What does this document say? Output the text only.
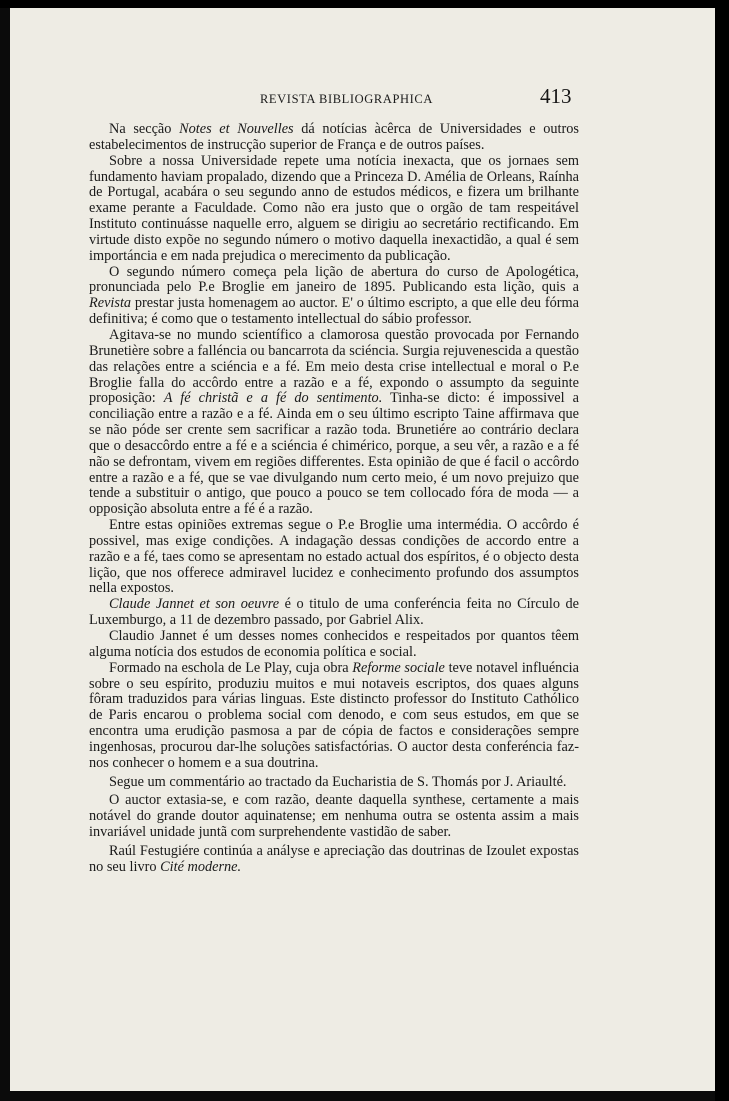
REVISTA BIBLIOGRAPHICA	413

Na secção Notes et Nouvelles dá notícias àcêrca de Universidades e outros estabelecimentos de instrucção superior de França e de outros países.

Sobre a nossa Universidade repete uma notícia inexacta, que os jornaes sem fundamento haviam propalado, dizendo que a Princeza D. Amélia de Orleans, Raínha de Portugal, acabára o seu segundo anno de estudos médicos, e fizera um brilhante exame perante a Faculdade. Como não era justo que o orgão de tam respeitável Instituto continuásse naquelle erro, alguem se dirigiu ao secretário rectificando. Em virtude disto expõe no segundo número o motivo daquella inexactidão, a qual é sem importáncia e em nada prejudica o merecimento da publicação.

O segundo número começa pela lição de abertura do curso de Apologética, pronunciada pelo P.e Broglie em janeiro de 1895. Publicando esta lição, quis a Revista prestar justa homenagem ao auctor. E' o último escripto, a que elle deu fórma definitiva; é como que o testamento intellectual do sábio professor.

Agitava-se no mundo scientífico a clamorosa questão provocada por Fernando Brunetière sobre a falléncia ou bancarrota da sciéncia. Surgia rejuvenescida a questão das relações entre a sciéncia e a fé. Em meio desta crise intellectual e moral o P.e Broglie falla do accôrdo entre a razão e a fé, expondo o assumpto da seguinte proposição: A fé christã e a fé do sentimento. Tinha-se dicto: é impossivel a conciliação entre a razão e a fé. Ainda em o seu último escripto Taine affirmava que se não póde ser crente sem sacrificar a razão toda. Brunetiére ao contrário declara que o desaccôrdo entre a fé e a sciéncia é chimérico, porque, a seu vêr, a razão e a fé não se defrontam, vivem em regiões differentes. Esta opinião de que é facil o accôrdo entre a razão e a fé, que se vae divulgando num certo meio, é um novo prejuizo que tende a substituir o antigo, que pouco a pouco se tem collocado fóra de moda — a opposição absoluta entre a fé é a razão.

Entre estas opiniões extremas segue o P.e Broglie uma intermédia. O accôrdo é possivel, mas exige condições. A indagação dessas condições de accordo entre a razão e a fé, taes como se apresentam no estado actual dos espíritos, é o objecto desta lição, que nos offerece admiravel lucidez e conhecimento profundo dos assumptos nella expostos.

Claude Jannet et son oeuvre é o titulo de uma conferéncia feita no Círculo de Luxemburgo, a 11 de dezembro passado, por Gabriel Alix.

Claudio Jannet é um desses nomes conhecidos e respeitados por quantos têem alguma notícia dos estudos de economia política e social.

Formado na escholа de Le Play, cuja obra Reforme sociale teve notavel influéncia sobre o seu espírito, produziu muitos e mui notaveis escriptos, dos quaes alguns fôram traduzidos para várias linguas. Este distincto professor do Instituto Cathólico de Paris encarou o problema social com denodo, e com seus estudos, em que se encontra uma erudição pasmosa a par de cópia de factos e considerações sempre ingenhosas, procurou dar-lhe soluções satisfactórias. O auctor desta conferéncia faz-nos conhecer o homem e a sua doutrina.

Segue um commentário ao tractado da Eucharistia de S. Thomás por J. Ariaulté.

O auctor extasia-se, e com razão, deante daquella synthese, certamente a mais notável do grande doutor aquinatense; em nenhuma outra se ostenta assim a mais invariável unidade juntã com surprehendente vastidão de saber.

Raúl Festugiére continúa a anályse e apreciação das doutrinas de Izoulet expostas no seu livro Cité moderne.
